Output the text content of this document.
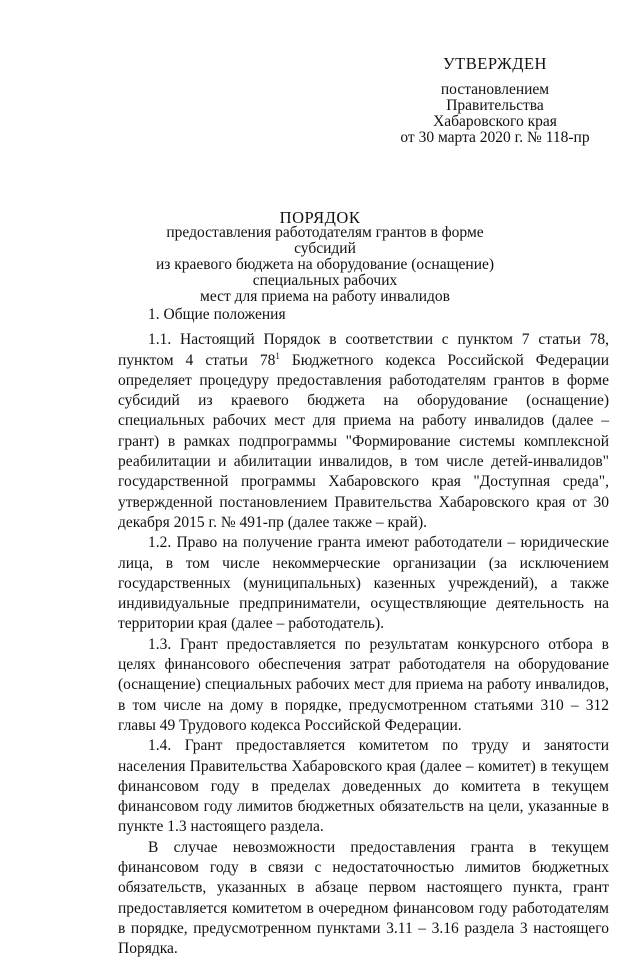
УТВЕРЖДЕН
постановлением
Правительства
Хабаровского края
от 30 марта 2020 г. № 118-пр
ПОРЯДОК
предоставления работодателям грантов в форме субсидий
из краевого бюджета на оборудование (оснащение) специальных рабочих
мест для приема на работу инвалидов

1. Общие положения

1.1. Настоящий Порядок в соответствии с пунктом 7 статьи 78, пунктом 4 статьи $78^1$ Бюджетного кодекса Российской Федерации определяет процедуру предоставления работодателям грантов в форме субсидий из краевого бюджета на оборудование (оснащение) специальных рабочих мест для приема на работу инвалидов (далее – грант) в рамках подпрограммы "Формирование системы комплексной реабилитации и абилитации инвалидов, в том числе детей-инвалидов" государственной программы Хабаровского края "Доступная среда", утвержденной постановлением Правительства Хабаровского края от 30 декабря 2015 г. № 491-пр (далее также – край).

1.2. Право на получение гранта имеют работодатели – юридические лица, в том числе некоммерческие организации (за исключением государственных (муниципальных) казенных учреждений), а также индивидуальные предприниматели, осуществляющие деятельность на территории края (далее – работодатель).

1.3. Грант предоставляется по результатам конкурсного отбора в целях финансового обеспечения затрат работодателя на оборудование (оснащение) специальных рабочих мест для приема на работу инвалидов, в том числе на дому в порядке, предусмотренном статьями 310 – 312 главы 49 Трудового кодекса Российской Федерации.

1.4. Грант предоставляется комитетом по труду и занятости населения Правительства Хабаровского края (далее – комитет) в текущем финансовом году в пределах доведенных до комитета в текущем финансовом году лимитов бюджетных обязательств на цели, указанные в пункте 1.3 настоящего раздела.

В случае невозможности предоставления гранта в текущем финансовом году в связи с недостаточностью лимитов бюджетных обязательств, указанных в абзаце первом настоящего пункта, грант предоставляется комитетом в очередном финансовом году работодателям в порядке, предусмотренном пунктами 3.11 – 3.16 раздела 3 настоящего Порядка.
